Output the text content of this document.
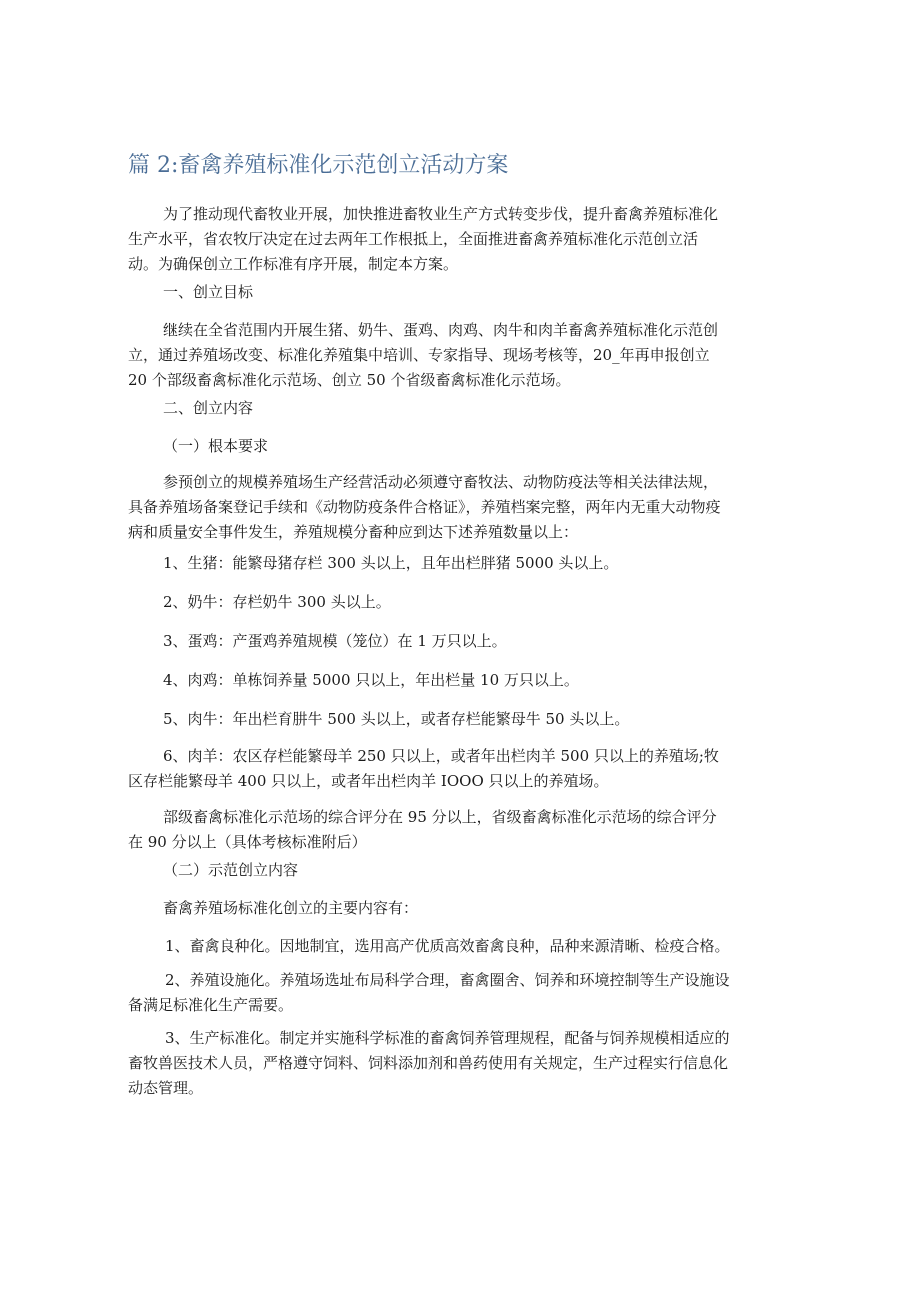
篇 2:畜禽养殖标准化示范创立活动方案

为了推动现代畜牧业开展，加快推进畜牧业生产方式转变步伐，提升畜禽养殖标准化
生产水平，省农牧厅决定在过去两年工作根抵上，全面推进畜禽养殖标准化示范创立活
动。为确保创立工作标准有序开展，制定本方案。

一、创立目标

继续在全省范围内开展生猪、奶牛、蛋鸡、肉鸡、肉牛和肉羊畜禽养殖标准化示范创
立，通过养殖场改变、标准化养殖集中培训、专家指导、现场考核等，20_年再申报创立
20 个部级畜禽标准化示范场、创立 50 个省级畜禽标准化示范场。

二、创立内容

（一）根本要求

参预创立的规模养殖场生产经营活动必须遵守畜牧法、动物防疫法等相关法律法规，
具备养殖场备案登记手续和《动物防疫条件合格证》，养殖档案完整，两年内无重大动物疫
病和质量安全事件发生，养殖规模分畜种应到达下述养殖数量以上：

1、生猪：能繁母猪存栏 300 头以上，且年出栏胖猪 5000 头以上。

2、奶牛：存栏奶牛 300 头以上。

3、蛋鸡：产蛋鸡养殖规模（笼位）在 1 万只以上。

4、肉鸡：单栋饲养量 5000 只以上，年出栏量 10 万只以上。

5、肉牛：年出栏育肼牛 500 头以上，或者存栏能繁母牛 50 头以上。

6、肉羊：农区存栏能繁母羊 250 只以上，或者年出栏肉羊 500 只以上的养殖场;牧
区存栏能繁母羊 400 只以上，或者年出栏肉羊 IOOO 只以上的养殖场。

部级畜禽标准化示范场的综合评分在 95 分以上，省级畜禽标准化示范场的综合评分
在 90 分以上（具体考核标准附后）

（二）示范创立内容

畜禽养殖场标准化创立的主要内容有：

1、畜禽良种化。因地制宜，选用高产优质高效畜禽良种，品种来源清晰、检疫合格。

2、养殖设施化。养殖场选址布局科学合理，畜禽圈舍、饲养和环境控制等生产设施设
备满足标准化生产需要。

3、生产标准化。制定并实施科学标准的畜禽饲养管理规程，配备与饲养规模相适应的
畜牧兽医技术人员，严格遵守饲料、饲料添加剂和兽药使用有关规定，生产过程实行信息化
动态管理。
